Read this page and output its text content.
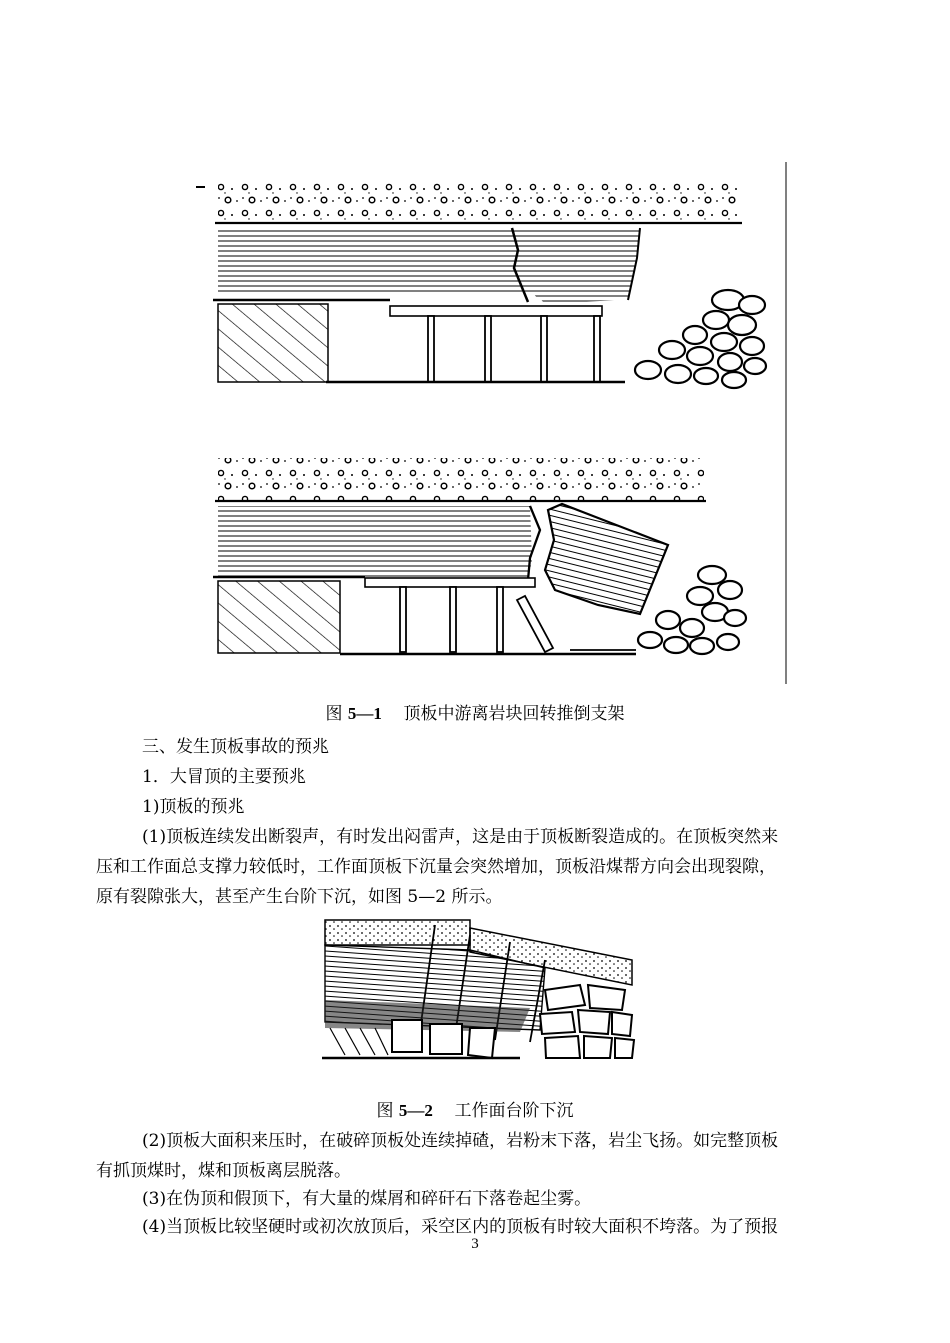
图 5—1 顶板中游离岩块回转推倒支架
三、发生顶板事故的预兆
1．大冒顶的主要预兆
1)顶板的预兆
(1)顶板连续发出断裂声，有时发出闷雷声，这是由于顶板断裂造成的。在顶板突然来
压和工作面总支撑力较低时，工作面顶板下沉量会突然增加，顶板沿煤帮方向会出现裂隙，
原有裂隙张大，甚至产生台阶下沉，如图 5—2 所示。
图 5—2 工作面台阶下沉
(2)顶板大面积来压时，在破碎顶板处连续掉碴，岩粉末下落，岩尘飞扬。如完整顶板
有抓顶煤时，煤和顶板离层脱落。
(3)在伪顶和假顶下，有大量的煤屑和碎矸石下落卷起尘雾。
(4)当顶板比较坚硬时或初次放顶后，采空区内的顶板有时较大面积不垮落。为了预报
3
